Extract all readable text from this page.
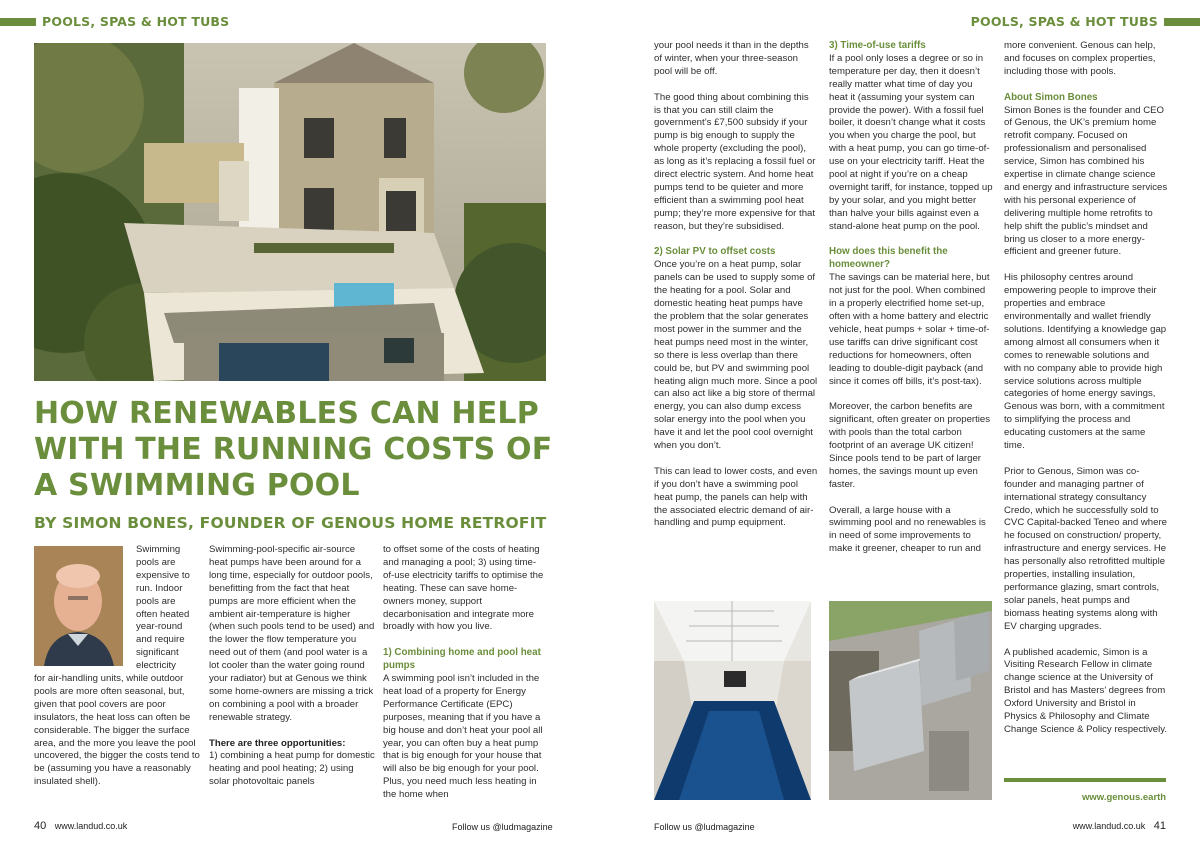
POOLS, SPAS & HOT TUBS	POOLS, SPAS & HOT TUBS
HOW RENEWABLES CAN HELP WITH THE RUNNING COSTS OF A SWIMMING POOL
BY SIMON BONES, FOUNDER OF GENOUS HOME RETROFIT
Swimming
pools are
expensive to
run. Indoor
pools are
often heated
year-round
and require
significant
electricity

for air-handling units, while outdoor pools are more often seasonal, but, given that pool covers are poor insulators, the heat loss can often be considerable. The bigger the surface area, and the more you leave the pool uncovered, the bigger the costs tend to be (assuming you have a reasonably insulated shell).

Swimming-pool-specific air-source heat pumps have been around for a long time, especially for outdoor pools, benefitting from the fact that heat pumps are more efficient when the ambient air-temperature is higher (when such pools tend to be used) and the lower the flow temperature you need out of them (and pool water is a lot cooler than the water going round your radiator) but at Genous we think some home-owners are missing a trick on combining a pool with a broader renewable strategy.

There are three opportunities:

1) combining a heat pump for domestic heating and pool heating; 2) using solar photovoltaic panels

to offset some of the costs of heating and managing a pool; 3) using time-of-use electricity tariffs to optimise the heating. These can save home-owners money, support decarbonisation and integrate more broadly with how you live.

1) Combining home and pool heat pumps

A swimming pool isn’t included in the heat load of a property for Energy Performance Certificate (EPC) purposes, meaning that if you have a big house and don’t heat your pool all year, you can often buy a heat pump that is big enough for your house that will also be big enough for your pool. Plus, you need much less heating in the home when

your pool needs it than in the depths of winter, when your three-season pool will be off.

The good thing about combining this is that you can still claim the government’s £7,500 subsidy if your pump is big enough to supply the whole property (excluding the pool), as long as it’s replacing a fossil fuel or direct electric system. And home heat pumps tend to be quieter and more efficient than a swimming pool heat pump; they’re more expensive for that reason, but they’re subsidised.

2) Solar PV to offset costs

Once you’re on a heat pump, solar panels can be used to supply some of the heating for a pool. Solar and domestic heating heat pumps have the problem that the solar generates most power in the summer and the heat pumps need most in the winter, so there is less overlap than there could be, but PV and swimming pool heating align much more. Since a pool can also act like a big store of thermal energy, you can also dump excess solar energy into the pool when you have it and let the pool cool overnight when you don’t.

This can lead to lower costs, and even if you don’t have a swimming pool heat pump, the panels can help with the associated electric demand of air-handling and pump equipment.

3) Time-of-use tariffs

If a pool only loses a degree or so in temperature per day, then it doesn’t really matter what time of day you heat it (assuming your system can provide the power). With a fossil fuel boiler, it doesn’t change what it costs you when you charge the pool, but with a heat pump, you can go time-of-use on your electricity tariff. Heat the pool at night if you’re on a cheap overnight tariff, for instance, topped up by your solar, and you might better than halve your bills against even a stand-alone heat pump on the pool.

How does this benefit the homeowner?

The savings can be material here, but not just for the pool. When combined in a properly electrified home set-up, often with a home battery and electric vehicle, heat pumps + solar + time-of-use tariffs can drive significant cost reductions for homeowners, often leading to double-digit payback (and since it comes off bills, it’s post-tax).

Moreover, the carbon benefits are significant, often greater on properties with pools than the total carbon footprint of an average UK citizen! Since pools tend to be part of larger homes, the savings mount up even faster.

Overall, a large house with a swimming pool and no renewables is in need of some improvements to make it greener, cheaper to run and

more convenient. Genous can help, and focuses on complex properties, including those with pools.

About Simon Bones

Simon Bones is the founder and CEO of Genous, the UK’s premium home retrofit company. Focused on professionalism and personalised service, Simon has combined his expertise in climate change science and energy and infrastructure services with his personal experience of delivering multiple home retrofits to help shift the public’s mindset and bring us closer to a more energy-efficient and greener future.

His philosophy centres around empowering people to improve their properties and embrace environmentally and wallet friendly solutions. Identifying a knowledge gap among almost all consumers when it comes to renewable solutions and with no company able to provide high service solutions across multiple categories of home energy savings, Genous was born, with a commitment to simplifying the process and educating customers at the same time.

Prior to Genous, Simon was co-founder and managing partner of international strategy consultancy Credo, which he successfully sold to CVC Capital-backed Teneo and where he focused on construction/ property, infrastructure and energy services. He has personally also retrofitted multiple properties, installing insulation, performance glazing, smart controls, solar panels, heat pumps and biomass heating systems along with EV charging upgrades.

A published academic, Simon is a Visiting Research Fellow in climate change science at the University of Bristol and has Masters’ degrees from Oxford University and Bristol in Physics & Philosophy and Climate Change Science & Policy respectively.

www.genous.earth
40 www.landud.co.uk	Follow us @ludmagazine	Follow us @ludmagazine	www.landud.co.uk 41
